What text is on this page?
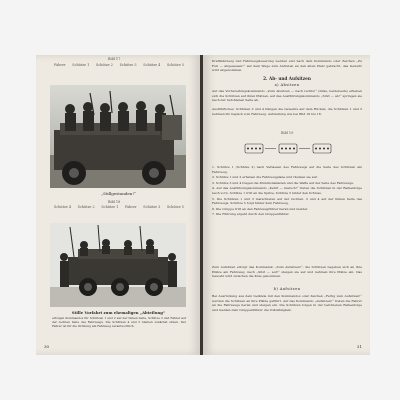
Bild 17
Fahrer Schütze 1 Schütze 2 Schütze 3 Schütze 4 Schütze 5
„Stillgestanden!“
Bild 18
Schütze 4 Schütze 2 Schütze 1 Fahrer Schütze 3 Schütze 5
Stille Vorfahrt zum ehemaligen „Abteilung“
erfolgen Kommandos für Schützen 1 und 2 auf der linken Seite, Schütze 3 und Fahrer auf der rechten Seite des Fahrzeugs. Die Schützen 4 und 5 bleiben zunächst sitzen. Der Fahrer ist für die Ordnung am Fahrzeug verantwortlich.
30
Kraftfahrzeug und Fahrzeugsteuerung werden erst nach dem Kommando oder Zeichen „Zu Fuß — abgesessen!“ auf dem Wege zum Antreten an den alten Platz gebracht, das Gewehr wird abgenommen.
2. Ab- und Aufsitzen
a) Absitzen
Auf das Vorbereitungskommando „Zum Absitzen — nach rechts!“ (links, beiderseits) erheben sich die Schützen auf ihren Plätzen, auf das Ausführungskommando „Sitzt — ab!“ springen sie nach der befohlenen Seite ab.
Ausführliches: Schützen 2 und 4 hängen die Gewehre auf dem Rücken, die Schützen 1 und 3 nehmen ihr Gepäck vom Fahrzeug. Aufstellung wie bei Bild 16 bis 18.
Bild 19
1. Schütze 1 (Schütze 2) nach Verlassen des Fahrzeugs auf die Seite des Schützen am Fahrzeug.
2. Schütze 1 und 2 erheben die Fahrzeugplane und räumen sie auf.
3. Schütze 3 und 4 tragen die Munitionskästen und die Waffe auf der Seite des Fahrzeugs.
4. Auf das Ausführungskommando „Kehrt — marsch!“ treten die Schützen in der Reihenfolge nach vorn. Schütze 1 tritt an die Spitze, Schütze 5 bildet den Schluss.
5. Die Schützen 1 und 3 marschieren auf der rechten, 2 und 4 auf der linken Seite des Fahrzeugs, Schütze 5 folgt hinter dem Fahrzeug.
6. Die Gruppe tritt an den Fahrzeugführer heran und meldet.
7. Die Führung ergeht durch den Gruppenführer.
Zum Aufsitzen erfolgt das Kommando „Zum Aufsitzen!“, die Schützen begeben sich an ihre Plätze am Fahrzeug, nach „Sitzt — auf!“ steigen sie auf und nehmen ihre Plätze ein. Das Gewehr wird zwischen die Knie genommen.
b) Aufsitzen
Bei Ausrückung aus dem Gelände mit den Kommandos oder Zeichen „Fertig zum Aufsitzen!“ werden die Schützen an ihre Plätze geführt. Auf das Kommando „Aufsitzen!“ treten die Fahrer an die Fahrzeuge heran und steigen ein. Die Schützen folgen in der befohlenen Reihenfolge und melden dem Gruppenführer die Vollzähligkeit.
31
